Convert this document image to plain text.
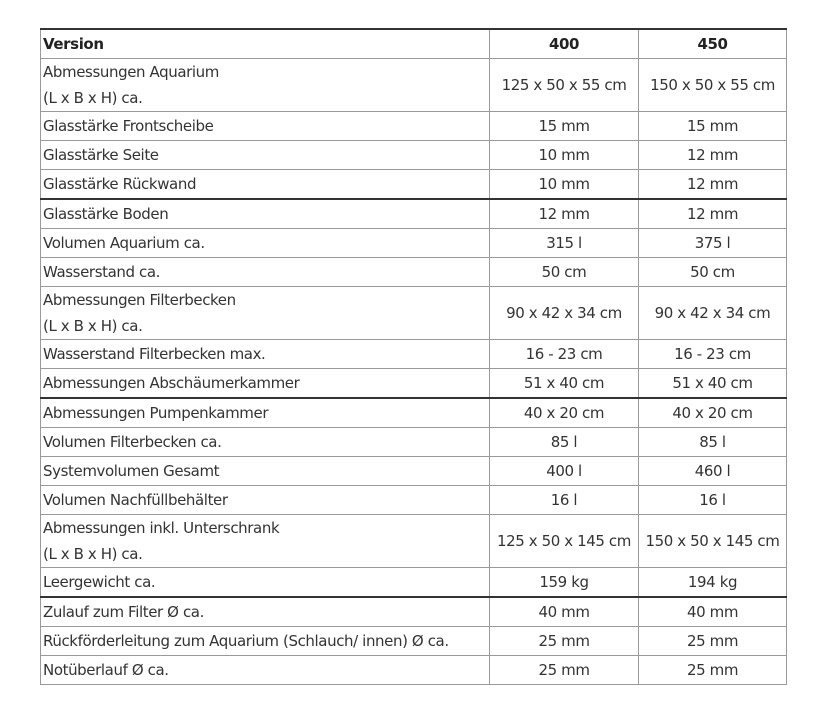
Version	400	450

Abmessungen Aquarium
(L x B x H) ca.	125 x 50 x 55 cm	150 x 50 x 55 cm
Glasstärke Frontscheibe	15 mm	15 mm
Glasstärke Seite	10 mm	12 mm
Glasstärke Rückwand	10 mm	12 mm
Glasstärke Boden	12 mm	12 mm
Volumen Aquarium ca.	315 l	375 l
Wasserstand ca.	50 cm	50 cm

Abmessungen Filterbecken
(L x B x H) ca.	90 x 42 x 34 cm	90 x 42 x 34 cm
Wasserstand Filterbecken max.	16 - 23 cm	16 - 23 cm
Abmessungen Abschäumerkammer	51 x 40 cm	51 x 40 cm
Abmessungen Pumpenkammer	40 x 20 cm	40 x 20 cm
Volumen Filterbecken ca.	85 l	85 l
Systemvolumen Gesamt	400 l	460 l
Volumen Nachfüllbehälter	16 l	16 l

Abmessungen inkl. Unterschrank
(L x B x H) ca.	125 x 50 x 145 cm	150 x 50 x 145 cm
Leergewicht ca.	159 kg	194 kg
Zulauf zum Filter Ø ca.	40 mm	40 mm
Rückförderleitung zum Aquarium (Schlauch/ innen) Ø ca.	25 mm	25 mm
Notüberlauf Ø ca.	25 mm	25 mm
